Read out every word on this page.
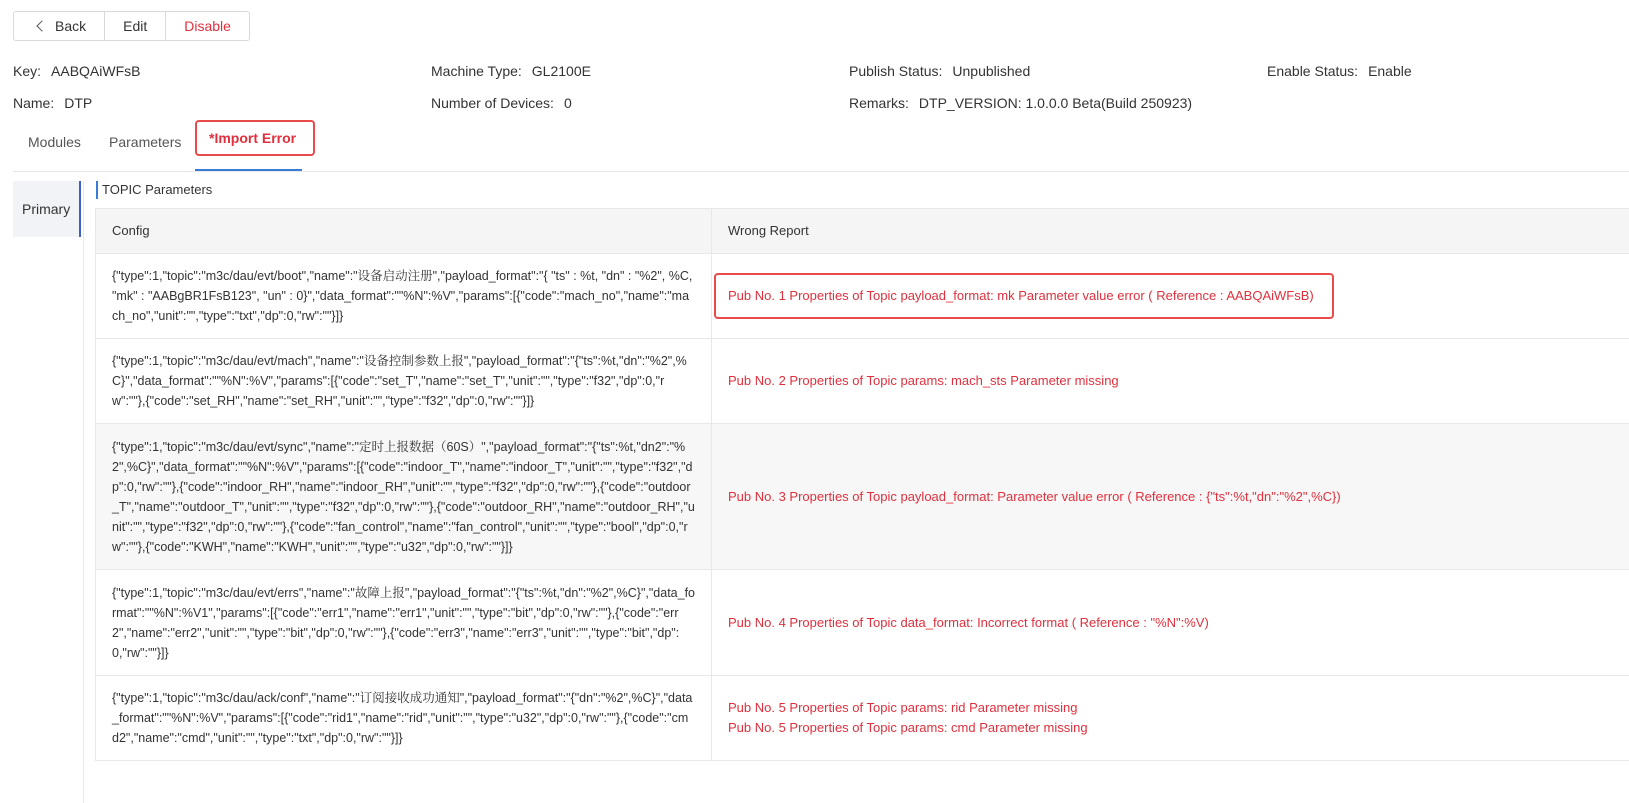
Back	Edit	Disable
Key: AABQAiWFsB	Machine Type: GL2100E	Publish Status: Unpublished	Enable Status: Enable
Name: DTP	Number of Devices: 0	Remarks: DTP_VERSION: 1.0.0.0 Beta(Build 250923)
Modules Parameters	*Import Error
Primary
TOPIC Parameters
Config	Wrong Report
{"type":1,"topic":"m3c/dau/evt/boot","name":"设备启动注册","payload_format":"{ "ts" : %t, "dn" : "%2", %C, "mk" : "AABgBR1FsB123", "un" : 0}","data_format":""%N":%V","params":[{"code":"mach_no","name":"mach_no","unit":"","type":"txt","dp":0,"rw":""}]}
Pub No. 1 Properties of Topic payload_format: mk Parameter value error ( Reference : AABQAiWFsB)
{"type":1,"topic":"m3c/dau/evt/mach","name":"设备控制参数上报","payload_format":"{"ts":%t,"dn":"%2",%C}","data_format":""%N":%V","params":[{"code":"set_T","name":"set_T","unit":"","type":"f32","dp":0,"rw":""},{"code":"set_RH","name":"set_RH","unit":"","type":"f32","dp":0,"rw":""}]}
Pub No. 2 Properties of Topic params: mach_sts Parameter missing
{"type":1,"topic":"m3c/dau/evt/sync","name":"定时上报数据（60S）","payload_format":"{"ts":%t,"dn2":"%2",%C}","data_format":""%N":%V","params":[{"code":"indoor_T","name":"indoor_T","unit":"","type":"f32","dp":0,"rw":""},{"code":"indoor_RH","name":"indoor_RH","unit":"","type":"f32","dp":0,"rw":""},{"code":"outdoor_T","name":"outdoor_T","unit":"","type":"f32","dp":0,"rw":""},{"code":"outdoor_RH","name":"outdoor_RH","unit":"","type":"f32","dp":0,"rw":""},{"code":"fan_control","name":"fan_control","unit":"","type":"bool","dp":0,"rw":""},{"code":"KWH","name":"KWH","unit":"","type":"u32","dp":0,"rw":""}]}
Pub No. 3 Properties of Topic payload_format: Parameter value error ( Reference : {"ts":%t,"dn":"%2",%C})
{"type":1,"topic":"m3c/dau/evt/errs","name":"故障上报","payload_format":"{"ts":%t,"dn":"%2",%C}","data_format":""%N":%V1","params":[{"code":"err1","name":"err1","unit":"","type":"bit","dp":0,"rw":""},{"code":"err2","name":"err2","unit":"","type":"bit","dp":0,"rw":""},{"code":"err3","name":"err3","unit":"","type":"bit","dp":0,"rw":""}]}
Pub No. 4 Properties of Topic data_format: Incorrect format ( Reference : "%N":%V)
{"type":1,"topic":"m3c/dau/ack/conf","name":"订阅接收成功通知","payload_format":"{"dn":"%2",%C}","data_format":""%N":%V","params":[{"code":"rid1","name":"rid","unit":"","type":"u32","dp":0,"rw":""},{"code":"cmd2","name":"cmd","unit":"","type":"txt","dp":0,"rw":""}]}
Pub No. 5 Properties of Topic params: rid Parameter missing
Pub No. 5 Properties of Topic params: cmd Parameter missing
